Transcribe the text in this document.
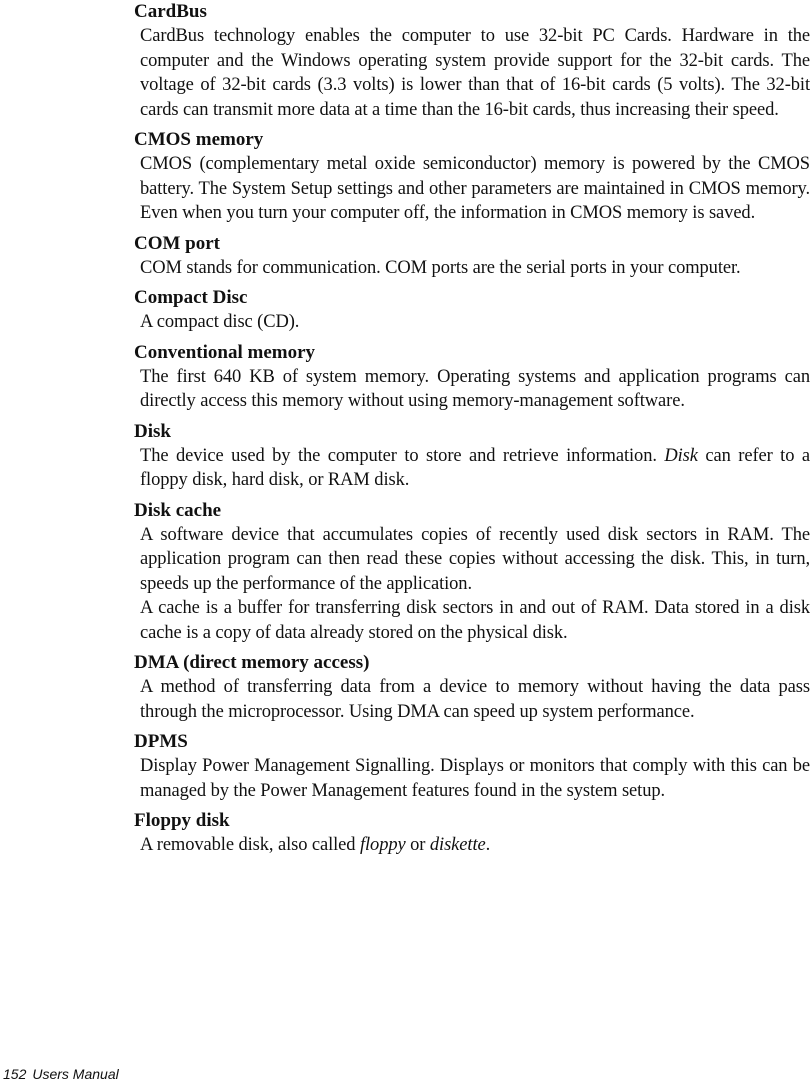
CardBus

CardBus technology enables the computer to use 32-bit PC Cards. Hardware in the computer and the Windows operating system provide support for the 32-bit cards. The voltage of 32-bit cards (3.3 volts) is lower than that of 16-bit cards (5 volts). The 32-bit cards can transmit more data at a time than the 16-bit cards, thus increasing their speed.

CMOS memory

CMOS (complementary metal oxide semiconductor) memory is powered by the CMOS battery. The System Setup settings and other parameters are maintained in CMOS memory. Even when you turn your computer off, the information in CMOS memory is saved.

COM port

COM stands for communication. COM ports are the serial ports in your computer.

Compact Disc

A compact disc (CD).

Conventional memory

The first 640 KB of system memory. Operating systems and application programs can directly access this memory without using memory-management software.

Disk

The device used by the computer to store and retrieve information. Disk can refer to a floppy disk, hard disk, or RAM disk.

Disk cache

A software device that accumulates copies of recently used disk sectors in RAM. The application program can then read these copies without accessing the disk. This, in turn, speeds up the performance of the application.

A cache is a buffer for transferring disk sectors in and out of RAM. Data stored in a disk cache is a copy of data already stored on the physical disk.

DMA (direct memory access)

A method of transferring data from a device to memory without having the data pass through the microprocessor. Using DMA can speed up system performance.

DPMS

Display Power Management Signalling. Displays or monitors that comply with this can be managed by the Power Management features found in the system setup.

Floppy disk

A removable disk, also called floppy or diskette.

152 Users Manual
